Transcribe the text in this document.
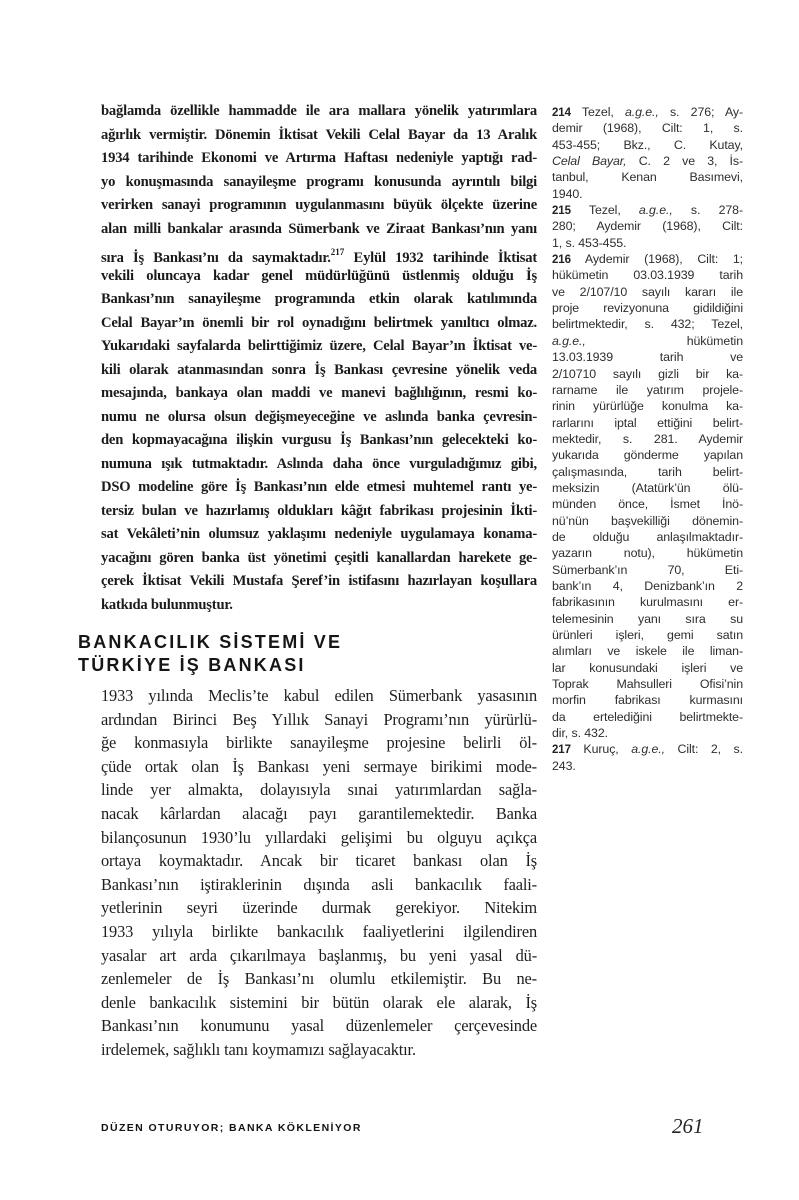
bağlamda özellikle hammadde ile ara mallara yönelik yatırımlara
ağırlık vermiştir. Dönemin İktisat Vekili Celal Bayar da 13 Aralık
1934 tarihinde Ekonomi ve Artırma Haftası nedeniyle yaptığı rad-
yo konuşmasında sanayileşme programı konusunda ayrıntılı bilgi
verirken sanayi programının uygulanmasını büyük ölçekte üzerine
alan milli bankalar arasında Sümerbank ve Ziraat Bankası’nın yanı
sıra İş Bankası’nı da saymaktadır.$^{217}$ Eylül 1932 tarihinde İktisat
vekili oluncaya kadar genel müdürlüğünü üstlenmiş olduğu İş
Bankası’nın sanayileşme programında etkin olarak katılımında
Celal Bayar’ın önemli bir rol oynadığını belirtmek yanıltıcı olmaz.
Yukarıdaki sayfalarda belirttiğimiz üzere, Celal Bayar’ın İktisat ve-
kili olarak atanmasından sonra İş Bankası çevresine yönelik veda
mesajında, bankaya olan maddi ve manevi bağlılığının, resmi ko-
numu ne olursa olsun değişmeyeceğine ve aslında banka çevresin-
den kopmayacağına ilişkin vurgusu İş Bankası’nın gelecekteki ko-
numuna ışık tutmaktadır. Aslında daha önce vurguladığımız gibi,
DSO modeline göre İş Bankası’nın elde etmesi muhtemel rantı ye-
tersiz bulan ve hazırlamış oldukları kâğıt fabrikası projesinin İkti-
sat Vekâleti’nin olumsuz yaklaşımı nedeniyle uygulamaya konama-
yacağını gören banka üst yönetimi çeşitli kanallardan harekete ge-
çerek İktisat Vekili Mustafa Şeref’in istifasını hazırlayan koşullara
katkıda bulunmuştur.
BANKACILIK SİSTEMİ VE
TÜRKİYE İŞ BANKASI
1933 yılında Meclis’te kabul edilen Sümerbank yasasının
ardından Birinci Beş Yıllık Sanayi Programı’nın yürürlü-
ğe konmasıyla birlikte sanayileşme projesine belirli öl-
çüde ortak olan İş Bankası yeni sermaye birikimi mode-
linde yer almakta, dolayısıyla sınai yatırımlardan sağla-
nacak kârlardan alacağı payı garantilemektedir. Banka
bilançosunun 1930’lu yıllardaki gelişimi bu olguyu açıkça
ortaya koymaktadır. Ancak bir ticaret bankası olan İş
Bankası’nın iştiraklerinin dışında asli bankacılık faali-
yetlerinin seyri üzerinde durmak gerekiyor. Nitekim
1933 yılıyla birlikte bankacılık faaliyetlerini ilgilendiren
yasalar art arda çıkarılmaya başlanmış, bu yeni yasal dü-
zenlemeler de İş Bankası’nı olumlu etkilemiştir. Bu ne-
denle bankacılık sistemini bir bütün olarak ele alarak, İş
Bankası’nın konumunu yasal düzenlemeler çerçevesinde
irdelemek, sağlıklı tanı koymamızı sağlayacaktır.
214 Tezel, a.g.e., s. 276; Ay-
demir (1968), Cilt: 1, s.
453-455; Bkz., C. Kutay,
Celal Bayar, C. 2 ve 3, İs-
tanbul, Kenan Basımevi,
1940.
215 Tezel, a.g.e., s. 278-
280; Aydemir (1968), Cilt:
1, s. 453-455.
216 Aydemir (1968), Cilt: 1;
hükümetin 03.03.1939 tarih
ve 2/107/10 sayılı kararı ile
proje revizyonuna gidildiğini
belirtmektedir, s. 432; Tezel,
a.g.e., hükümetin
13.03.1939 tarih ve
2/10710 sayılı gizli bir ka-
rarname ile yatırım projele-
rinin yürürlüğe konulma ka-
rarlarını iptal ettiğini belirt-
mektedir, s. 281. Aydemir
yukarıda gönderme yapılan
çalışmasında, tarih belirt-
meksizin (Atatürk’ün ölü-
münden önce, İsmet İnö-
nü’nün başvekilliği dönemin-
de olduğu anlaşılmaktadır-
yazarın notu), hükümetin
Sümerbank’ın 70, Eti-
bank’ın 4, Denizbank’ın 2
fabrikasının kurulmasını er-
telemesinin yanı sıra su
ürünleri işleri, gemi satın
alımları ve iskele ile liman-
lar konusundaki işleri ve
Toprak Mahsulleri Ofisi’nin
morfin fabrikası kurmasını
da ertelediğini belirtmekte-
dir, s. 432.
217 Kuruç, a.g.e., Cilt: 2, s.
243.
DÜZEN OTURUYOR; BANKA KÖKLENİYOR	261
